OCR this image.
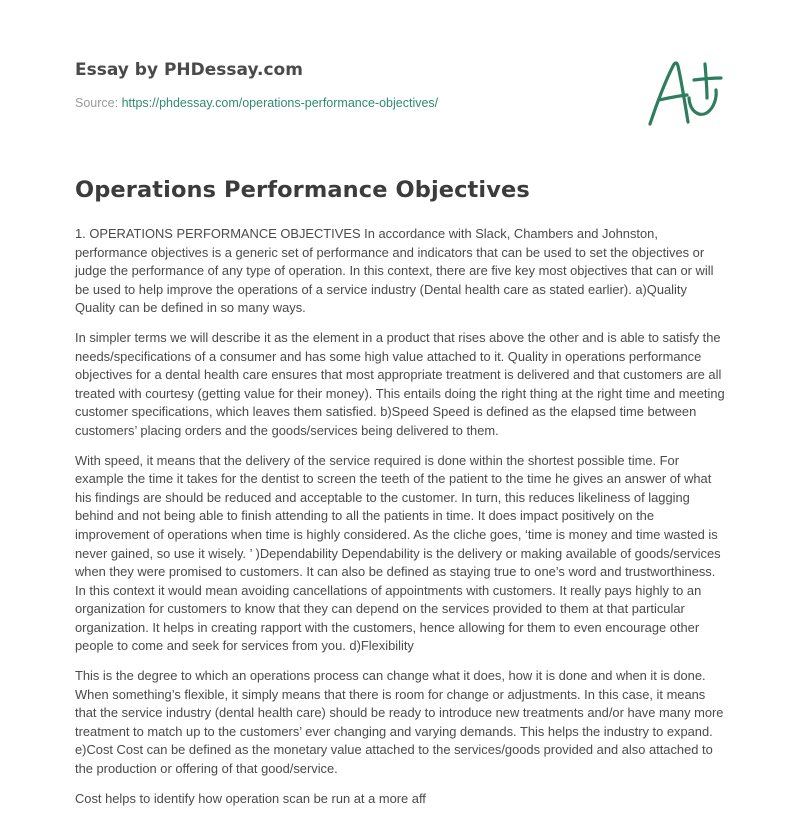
Essay by PHDessay.com
Source: https://phdessay.com/operations-performance-objectives/
Operations Performance Objectives

1. OPERATIONS PERFORMANCE OBJECTIVES In accordance with Slack, Chambers and Johnston, performance objectives is a generic set of performance and indicators that can be used to set the objectives or judge the performance of any type of operation. In this context, there are five key most objectives that can or will be used to help improve the operations of a service industry (Dental health care as stated earlier). a)Quality Quality can be defined in so many ways.

In simpler terms we will describe it as the element in a product that rises above the other and is able to satisfy the needs/specifications of a consumer and has some high value attached to it. Quality in operations performance objectives for a dental health care ensures that most appropriate treatment is delivered and that customers are all treated with courtesy (getting value for their money). This entails doing the right thing at the right time and meeting customer specifications, which leaves them satisfied. b)Speed Speed is defined as the elapsed time between customers’ placing orders and the goods/services being delivered to them.

With speed, it means that the delivery of the service required is done within the shortest possible time. For example the time it takes for the dentist to screen the teeth of the patient to the time he gives an answer of what his findings are should be reduced and acceptable to the customer. In turn, this reduces likeliness of lagging behind and not being able to finish attending to all the patients in time. It does impact positively on the improvement of operations when time is highly considered. As the cliche goes, ‘time is money and time wasted is never gained, so use it wisely. ’ )Dependability Dependability is the delivery or making available of goods/services when they were promised to customers. It can also be defined as staying true to one’s word and trustworthiness. In this context it would mean avoiding cancellations of appointments with customers. It really pays highly to an organization for customers to know that they can depend on the services provided to them at that particular organization. It helps in creating rapport with the customers, hence allowing for them to even encourage other people to come and seek for services from you. d)Flexibility

This is the degree to which an operations process can change what it does, how it is done and when it is done. When something’s flexible, it simply means that there is room for change or adjustments. In this case, it means that the service industry (dental health care) should be ready to introduce new treatments and/or have many more treatment to match up to the customers’ ever changing and varying demands. This helps the industry to expand. e)Cost Cost can be defined as the monetary value attached to the services/goods provided and also attached to the production or offering of that good/service.

Cost helps to identify how operation scan be run at a more aff
